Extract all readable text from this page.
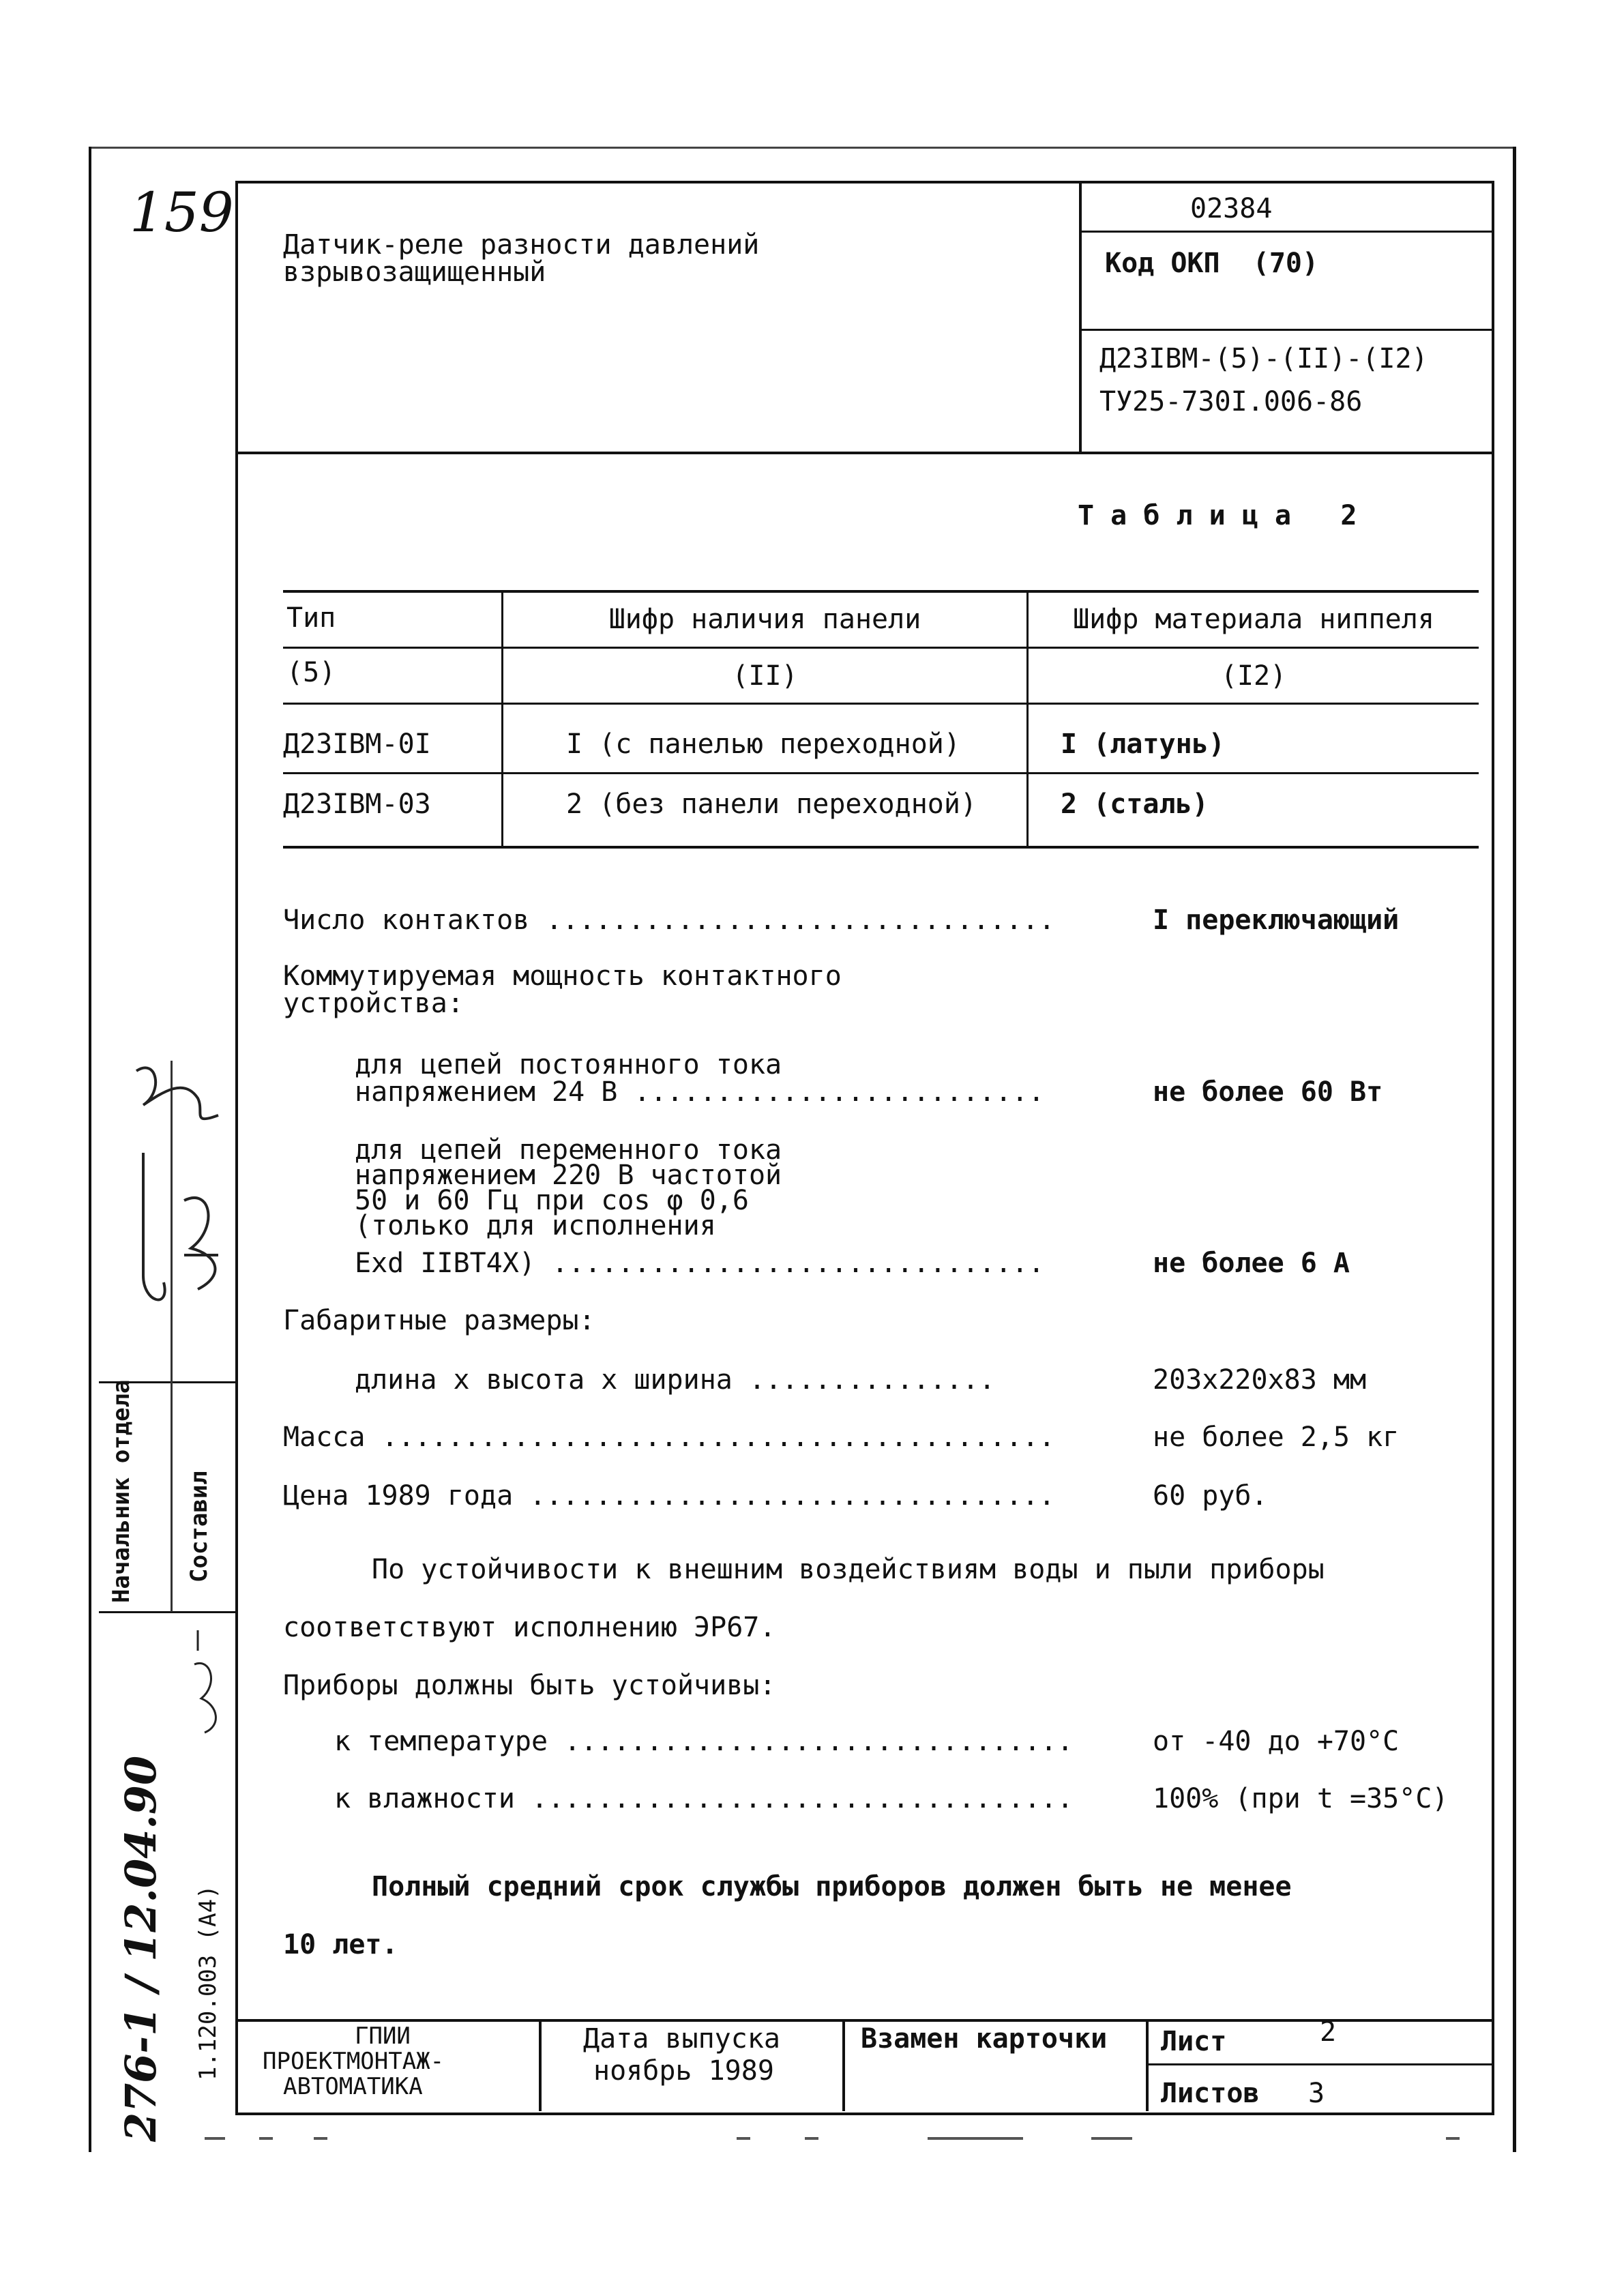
159
Датчик-реле разности давлений
взрывозащищенный
02384
Код ОКП  (70)
Д23IВМ-(5)-(II)-(I2)
ТУ25-730I.006-86
Т а б л и ц а   2
Тип	Шифр наличия панели	Шифр материала ниппеля
(5)	(II)	(I2)
Д23IВМ-0I	I (с панелью переходной)	I (латунь)
Д23IВМ-03	2 (без панели переходной)	2 (сталь)
Число контактов ...............................	I переключающий
Коммутируемая мощность контактного
устройства:
для цепей постоянного тока
напряжением 24 В .........................	не более 60 Вт
для цепей переменного тока
напряжением 220 В частотой
50 и 60 Гц при cos φ 0,6
(только для исполнения
Exd IIBT4X) ..............................	не более 6 А
Габаритные размеры:
длина х высота х ширина ...............	203х220х83 мм
Масса .........................................	не более 2,5 кг
Цена 1989 года ................................	60 руб.
По устойчивости к внешним воздействиям воды и пыли приборы
соответствуют исполнению ЭР67.
Приборы должны быть устойчивы:
к температуре ...............................	от -40 до +70°С
к влажности .................................	100% (при t =35°С)
Полный средний срок службы приборов должен быть не менее
10 лет.
ГПИИ
ПРОЕКТМОНТАЖ-
АВТОМАТИКА
Дата выпуска
ноябрь 1989
Взамен карточки Лист	2
Листов 3
Начальник отдела Составил
1.120.003 (А4)
276-1 / 12.04.90
